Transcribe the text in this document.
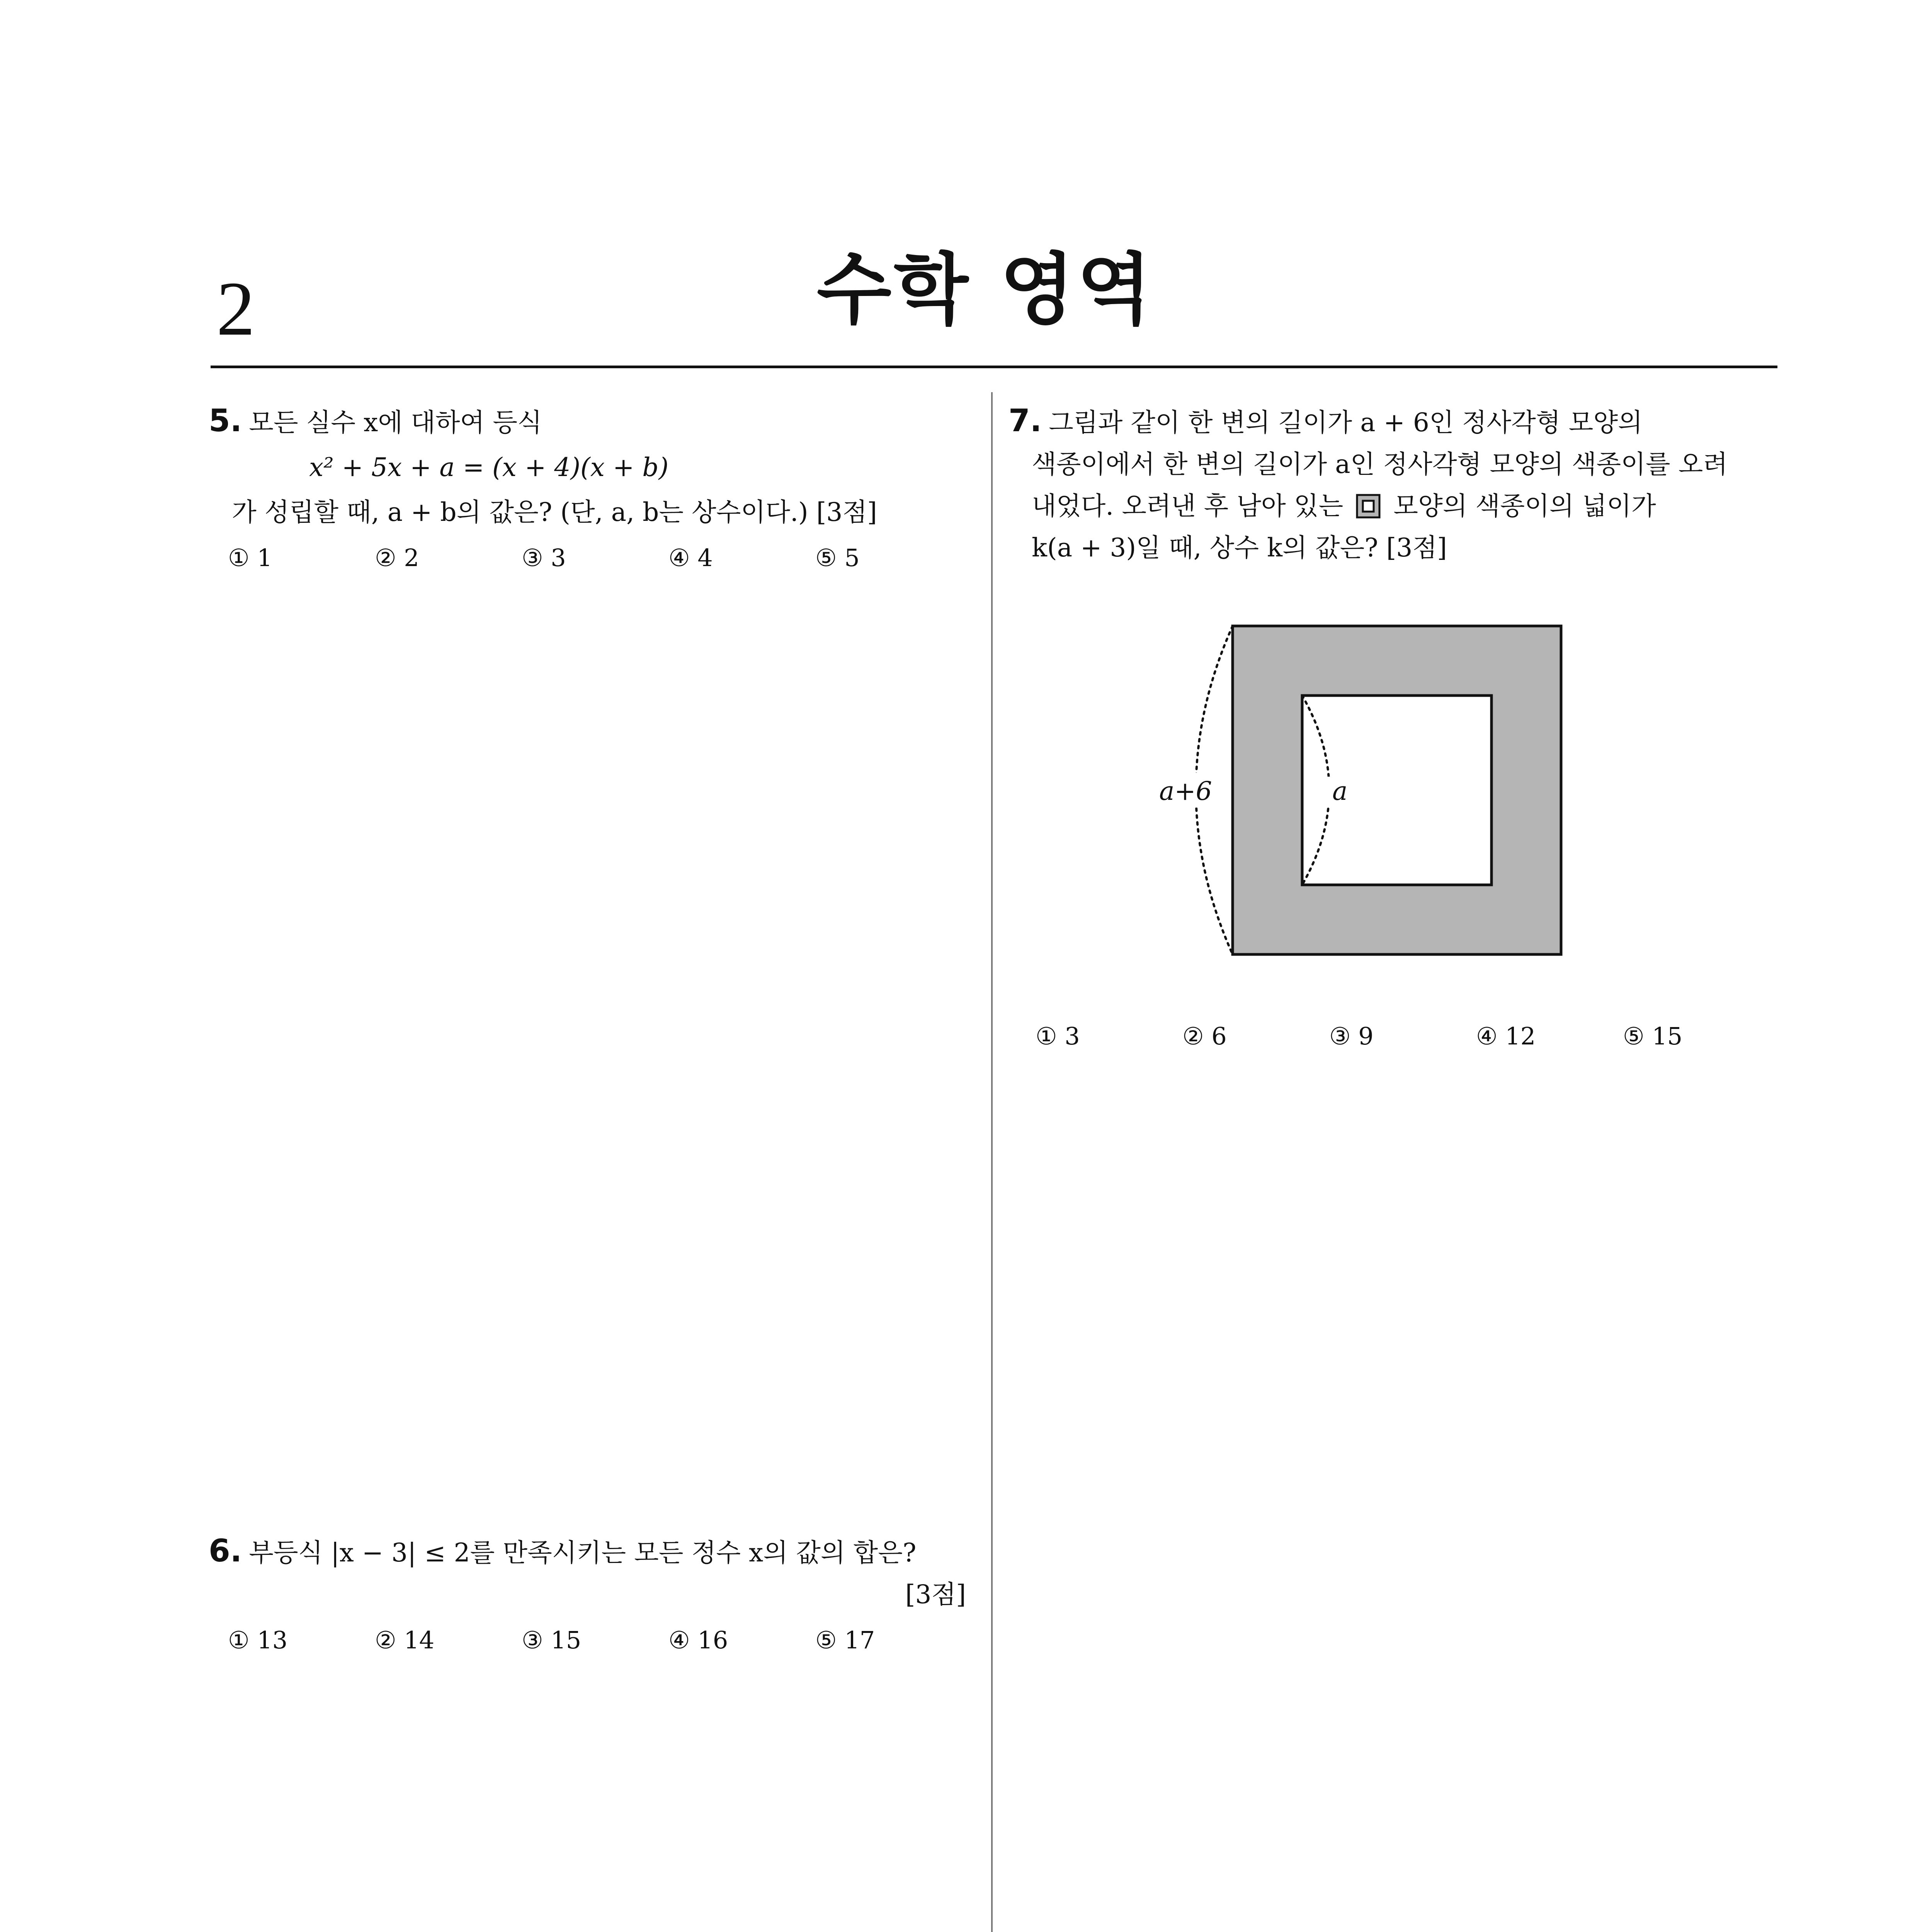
2	수학 영역
5. 모든 실수 x에 대하여 등식
x² + 5x + a = (x + 4)(x + b)
가 성립할 때, a + b의 값은? (단, a, b는 상수이다.) [3점]
① 1	② 2	③ 3	④ 4	⑤ 5
6. 부등식 |x − 3| ≤ 2를 만족시키는 모든 정수 x의 값의 합은?
[3점]
① 13	② 14	③ 15	④ 16	⑤ 17
7. 그림과 같이 한 변의 길이가 a + 6인 정사각형 모양의
색종이에서 한 변의 길이가 a인 정사각형 모양의 색종이를 오려
내었다. 오려낸 후 남아 있는 모양의 색종이의 넓이가
k(a + 3)일 때, 상수 k의 값은? [3점]
a+6	a
① 3	② 6	③ 9	④ 12	⑤ 15
